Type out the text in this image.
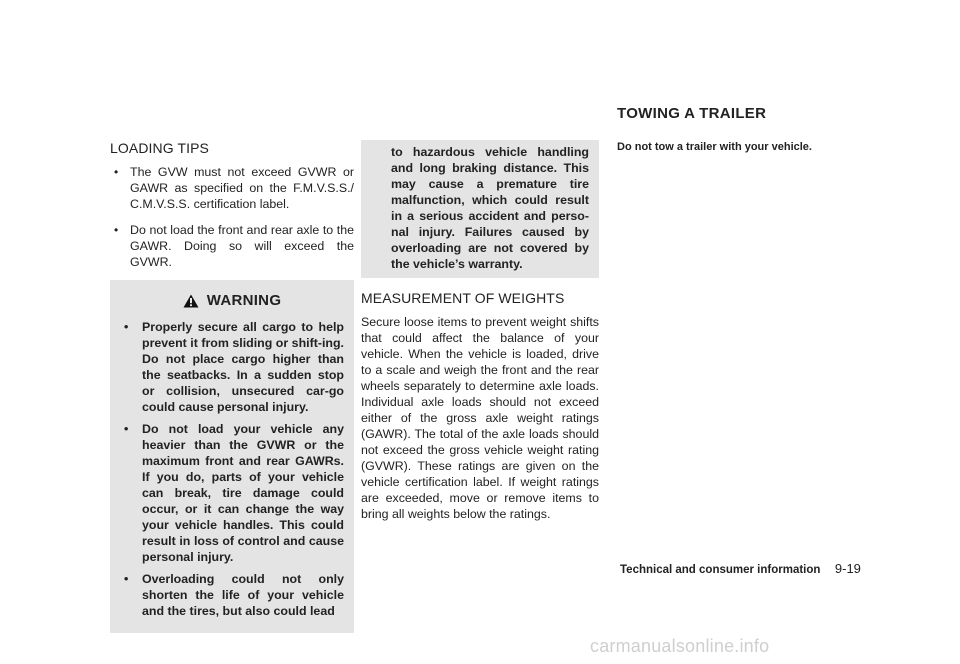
TOWING A TRAILER
LOADING TIPS
• The GVW must not exceed GVWR or GAWR as specified on the F.M.V.S.S./ C.M.V.S.S. certification label.
• Do not load the front and rear axle to the GAWR. Doing so will exceed the GVWR.
WARNING
• Properly secure all cargo to help prevent it from sliding or shift-ing. Do not place cargo higher than the seatbacks. In a sudden stop or collision, unsecured car-go could cause personal injury.
• Do not load your vehicle any heavier than the GVWR or the maximum front and rear GAWRs. If you do, parts of your vehicle can break, tire damage could occur, or it can change the way your vehicle handles. This could result in loss of control and cause personal injury.
• Overloading could not only shorten the life of your vehicle and the tires, but also could lead
to hazardous vehicle handling and long braking distance. This may cause a premature tire malfunction, which could result in a serious accident and perso-nal injury. Failures caused by overloading are not covered by the vehicle’s warranty.
MEASUREMENT OF WEIGHTS

Secure loose items to prevent weight shifts that could affect the balance of your vehicle. When the vehicle is loaded, drive to a scale and weigh the front and the rear wheels separately to determine axle loads. Individual axle loads should not exceed either of the gross axle weight ratings (GAWR). The total of the axle loads should not exceed the gross vehicle weight rating (GVWR). These ratings are given on the vehicle certification label. If weight ratings are exceeded, move or remove items to bring all weights below the ratings.

Do not tow a trailer with your vehicle.
Technical and consumer information 9-19
carmanualsonline.info
